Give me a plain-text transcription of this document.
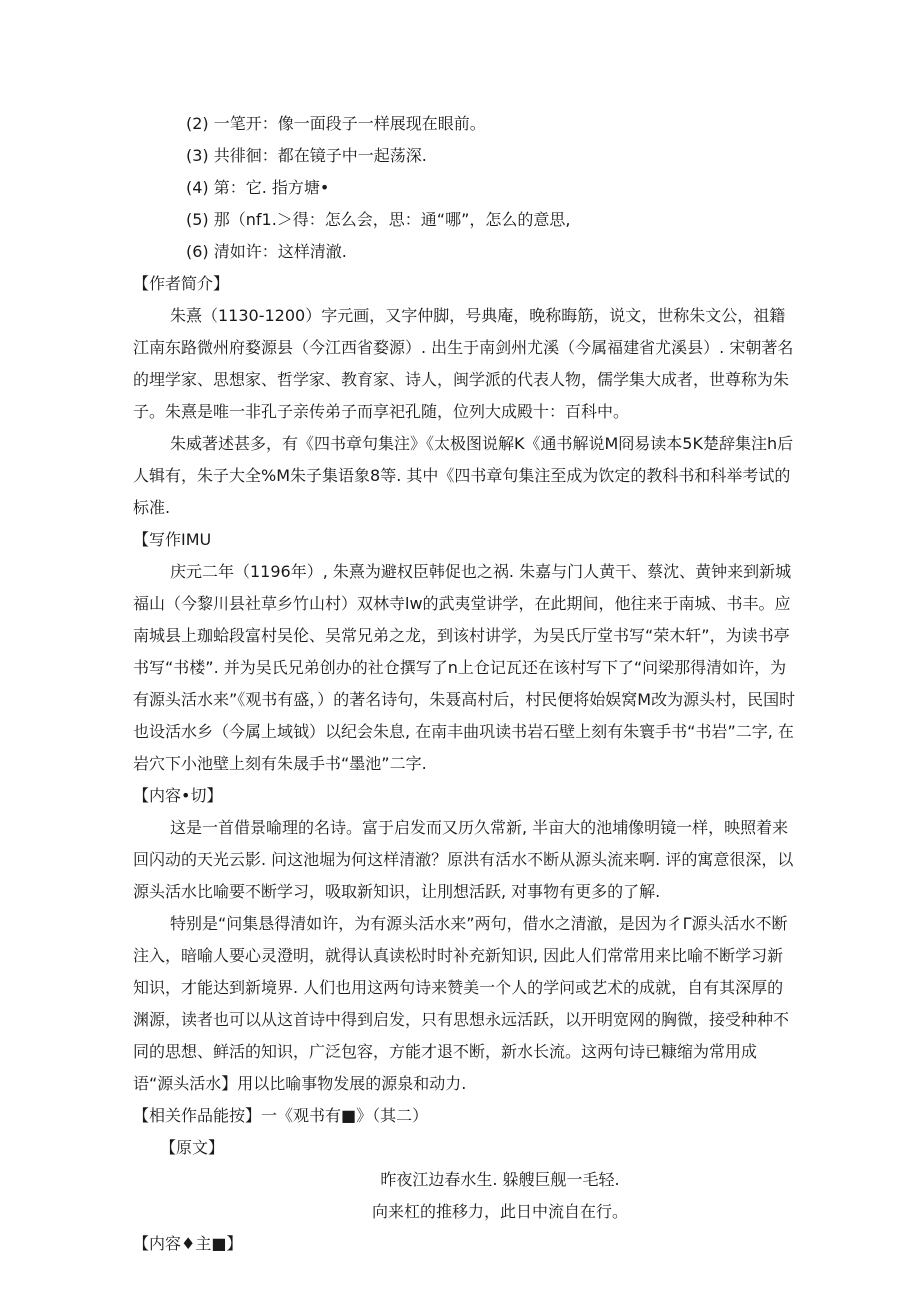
(2) 一笔开：像一面段子一样展现在眼前。
(3) 共徘徊：都在镜子中一起荡深.
(4) 第：它. 指方塘•
(5) 那（nf1.＞得：怎么会，思：通“哪”，怎么的意思,
(6) 清如许：这样清澈.
【作者简介】

朱熹（1130-1200）字元画，又字仲脚，号典庵，晚称晦筋，说文，世称朱文公，祖籍江南东路微州府婺源县（今江西省婺源）. 出生于南剑州尤溪（今属福建省尤溪县）. 宋朝著名的埋学家、思想家、哲学家、教育家、诗人，闽学派的代表人物，儒学集大成者，世尊称为朱子。朱熹是唯一非孔子亲传弟子而享祀孔随，位列大成殿十：百科中。

朱威著述甚多，有《四书章句集注》《太极图说解K《通书解说M冏易读本5K楚辞集注h后人辑有，朱子大全%M朱子集语象8等. 其中《四书章句集注至成为饮定的教科书和科举考试的标准.

【写作IMU

庆元二年（1196年）, 朱熹为避权臣韩促也之祸. 朱嘉与门人黄干、蔡沈、黄钟来到新城福山（今黎川县社草乡竹山村）双林寺lw的武夷堂讲学，在此期间，他往来于南城、书丰。应南城县上珈蛤段富村吴伦、吴常兄弟之龙，到该村讲学，为吴氏厅堂书写“荣木轩”，为读书亭书写“书楼”. 并为吴氏兄弟创办的社仓撰写了n上仓记瓦还在该村写下了“问梁那得清如许，为有源头活水来”《观书有盛，）的著名诗句，朱聂高村后，村民便将始娱窝M改为源头村，民国时也设活水乡（今属上域钺）以纪会朱息, 在南丰曲巩读书岩石壁上刻有朱寰手书“书岩”二字, 在岩穴下小池壁上刻有朱晟手书“墨池”二字.

【内容•切】

这是一首借景喻理的名诗。富于启发而又历久常新, 半亩大的池埔像明镜一样，映照着来回闪动的天光云影. 问这池堀为何这样清澈？原洪有活水不断从源头流来啊. 评的寓意很深，以源头活水比喻要不断学习，吸取新知识，让刖想活跃, 对事物有更多的了解.

特别是“问集恳得清如许，为有源头活水来”两句，借水之清澈，是因为彳Γ源头活水不断注入，暗喻人要心灵澄明，就得认真读松时时补充新知识, 因此人们常常用来比喻不断学习新知识，才能达到新境界. 人们也用这两句诗来赞美一个人的学问或艺术的成就，自有其深厚的渊源，读者也可以从这首诗中得到启发，只有思想永远活跃，以开明宽网的胸微，接受种种不同的思想、鲜活的知识，广泛包容，方能才退不断，新水长流。这两句诗已糠缩为常用成语“源头活水】用以比喻事物发展的源泉和动力.

【相关作品能按】一《观书有■》（其二）
【原文】
昨夜江边春水生. 躲艘巨舰一毛轻.
向来杠的推移力，此日中流自在行。
【内容♦主■】
